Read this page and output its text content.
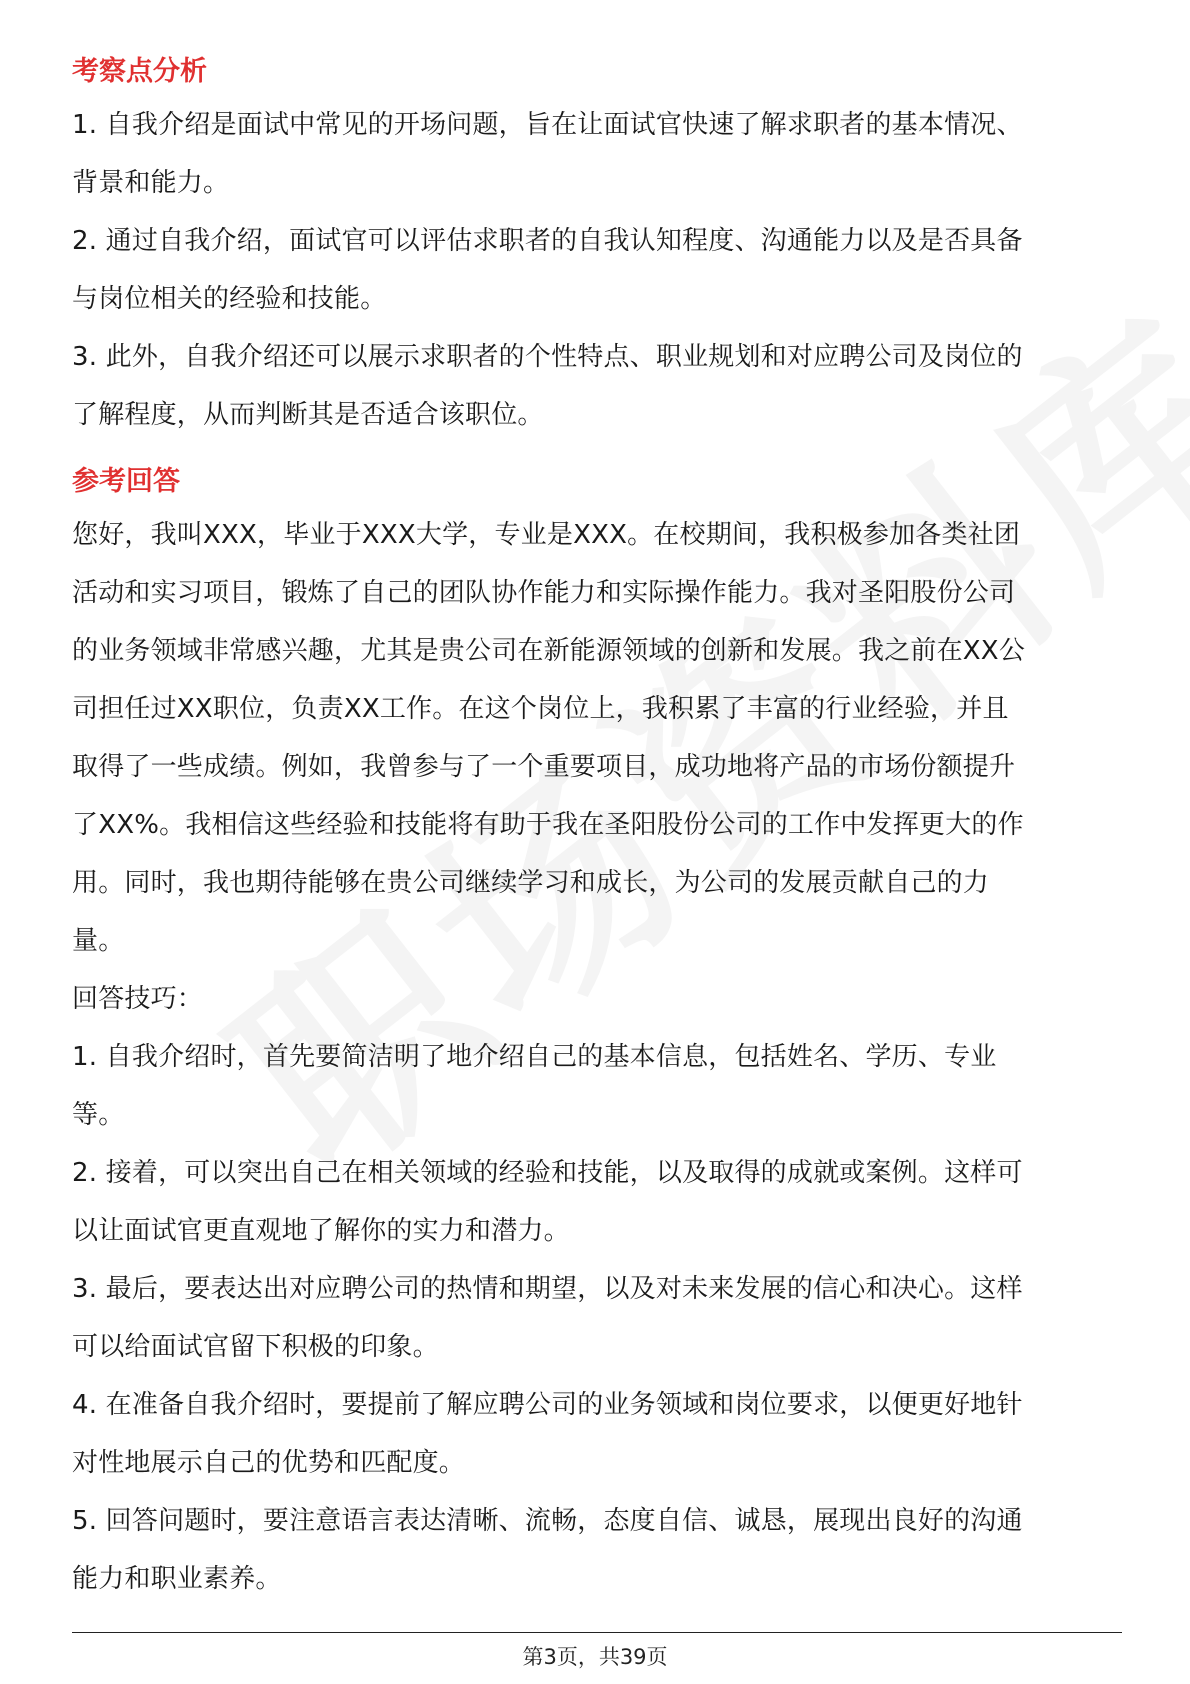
考察点分析

1. 自我介绍是面试中常见的开场问题，旨在让面试官快速了解求职者的基本情况、

背景和能力。

2. 通过自我介绍，面试官可以评估求职者的自我认知程度、沟通能力以及是否具备

与岗位相关的经验和技能。

3. 此外，自我介绍还可以展示求职者的个性特点、职业规划和对应聘公司及岗位的

了解程度，从而判断其是否适合该职位。

参考回答

您好，我叫XXX，毕业于XXX大学，专业是XXX。在校期间，我积极参加各类社团

活动和实习项目，锻炼了自己的团队协作能力和实际操作能力。我对圣阳股份公司

的业务领域非常感兴趣，尤其是贵公司在新能源领域的创新和发展。我之前在XX公

司担任过XX职位，负责XX工作。在这个岗位上，我积累了丰富的行业经验，并且

取得了一些成绩。例如，我曾参与了一个重要项目，成功地将产品的市场份额提升

了XX%。我相信这些经验和技能将有助于我在圣阳股份公司的工作中发挥更大的作

用。同时，我也期待能够在贵公司继续学习和成长，为公司的发展贡献自己的力

量。

回答技巧：

1. 自我介绍时，首先要简洁明了地介绍自己的基本信息，包括姓名、学历、专业

等。

2. 接着，可以突出自己在相关领域的经验和技能，以及取得的成就或案例。这样可

以让面试官更直观地了解你的实力和潜力。

3. 最后，要表达出对应聘公司的热情和期望，以及对未来发展的信心和决心。这样

可以给面试官留下积极的印象。

4. 在准备自我介绍时，要提前了解应聘公司的业务领域和岗位要求，以便更好地针

对性地展示自己的优势和匹配度。

5. 回答问题时，要注意语言表达清晰、流畅，态度自信、诚恳，展现出良好的沟通

能力和职业素养。

第3页，共39页
